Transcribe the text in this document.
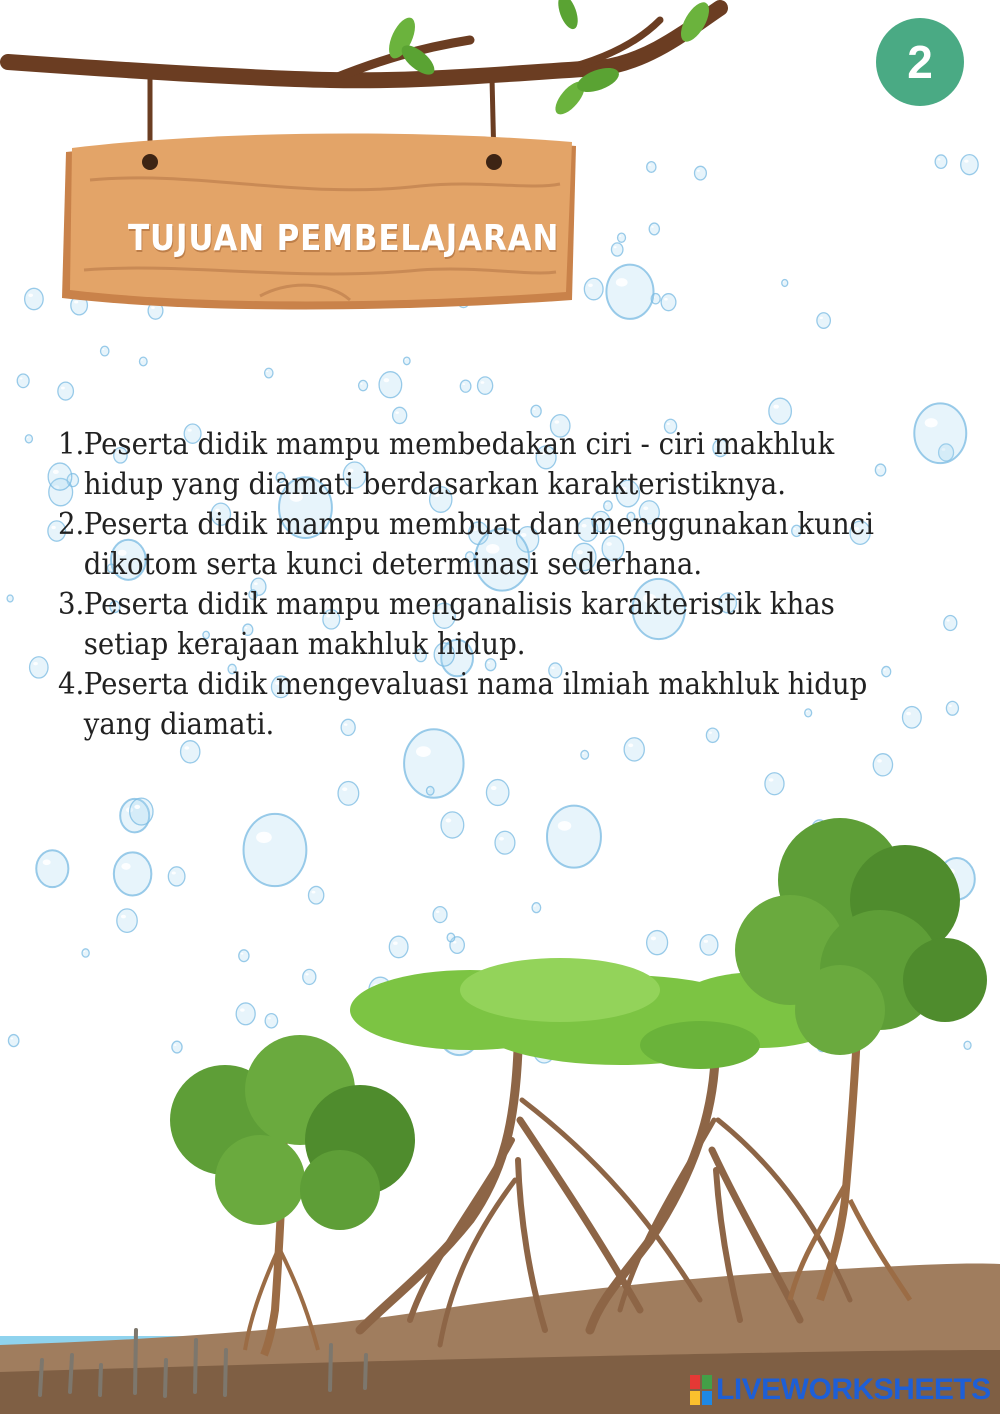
TUJUAN PEMBELAJARAN
2
1. Peserta didik mampu membedakan ciri - ciri makhluk hidup yang diamati berdasarkan karakteristiknya.
2. Peserta didik mampu membuat dan menggunakan kunci dikotom serta kunci determinasi sederhana.
3. Peserta didik mampu menganalisis karakteristik khas setiap kerajaan makhluk hidup.
4. Peserta didik mengevaluasi nama ilmiah makhluk hidup yang diamati.
LIVEWORKSHEETS
